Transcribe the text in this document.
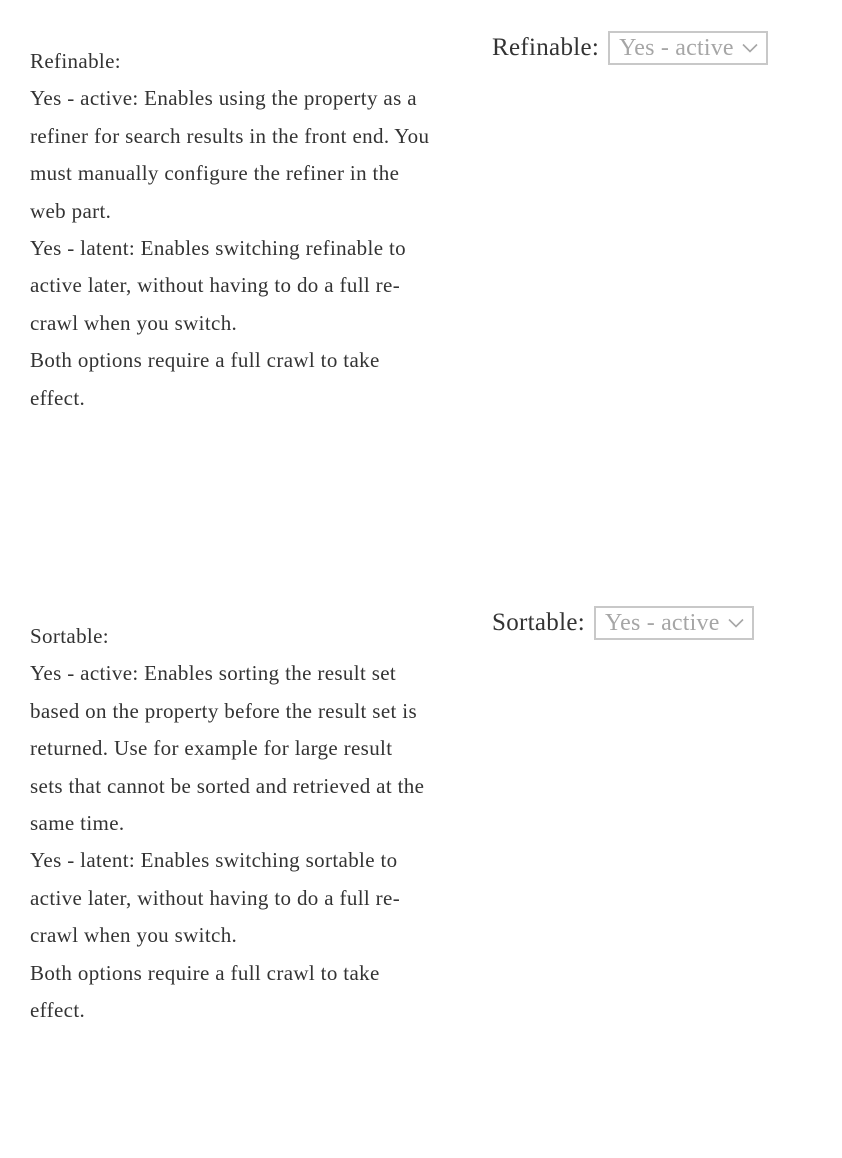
Refinable:

Yes - active: Enables using the property as a refiner for search results in the front end. You must manually configure the refiner in the web part.

Yes - latent: Enables switching refinable to active later, without having to do a full re-crawl when you switch.

Both options require a full crawl to take effect.

Refinable: Yes - active

Sortable:

Yes - active: Enables sorting the result set based on the property before the result set is returned. Use for example for large result sets that cannot be sorted and retrieved at the same time.

Yes - latent: Enables switching sortable to active later, without having to do a full re-crawl when you switch.

Both options require a full crawl to take effect.

Sortable: Yes - active
